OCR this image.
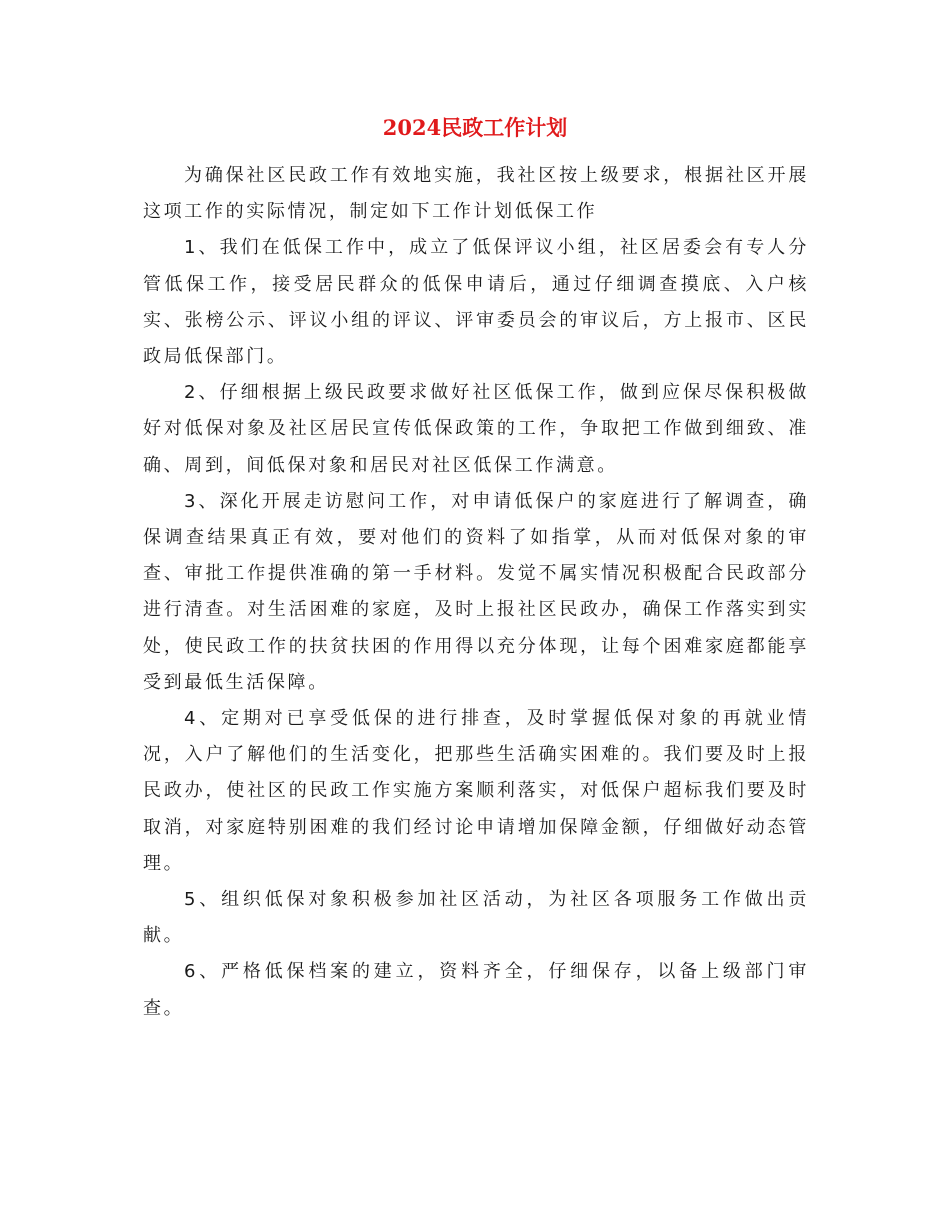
2024民政工作计划

为确保社区民政工作有效地实施，我社区按上级要求，根据社区开展这项工作的实际情况，制定如下工作计划低保工作

1、我们在低保工作中，成立了低保评议小组，社区居委会有专人分管低保工作，接受居民群众的低保申请后，通过仔细调查摸底、入户核实、张榜公示、评议小组的评议、评审委员会的审议后，方上报市、区民政局低保部门。

2、仔细根据上级民政要求做好社区低保工作，做到应保尽保积极做好对低保对象及社区居民宣传低保政策的工作，争取把工作做到细致、准确、周到，间低保对象和居民对社区低保工作满意。

3、深化开展走访慰问工作，对申请低保户的家庭进行了解调查，确保调查结果真正有效，要对他们的资料了如指掌，从而对低保对象的审查、审批工作提供准确的第一手材料。发觉不属实情况积极配合民政部分进行清查。对生活困难的家庭，及时上报社区民政办，确保工作落实到实处，使民政工作的扶贫扶困的作用得以充分体现，让每个困难家庭都能享受到最低生活保障。

4、定期对已享受低保的进行排查，及时掌握低保对象的再就业情况，入户了解他们的生活变化，把那些生活确实困难的。我们要及时上报民政办，使社区的民政工作实施方案顺利落实，对低保户超标我们要及时取消，对家庭特别困难的我们经讨论申请增加保障金额，仔细做好动态管理。

5、组织低保对象积极参加社区活动，为社区各项服务工作做出贡献。

6、严格低保档案的建立，资料齐全，仔细保存，以备上级部门审查。
